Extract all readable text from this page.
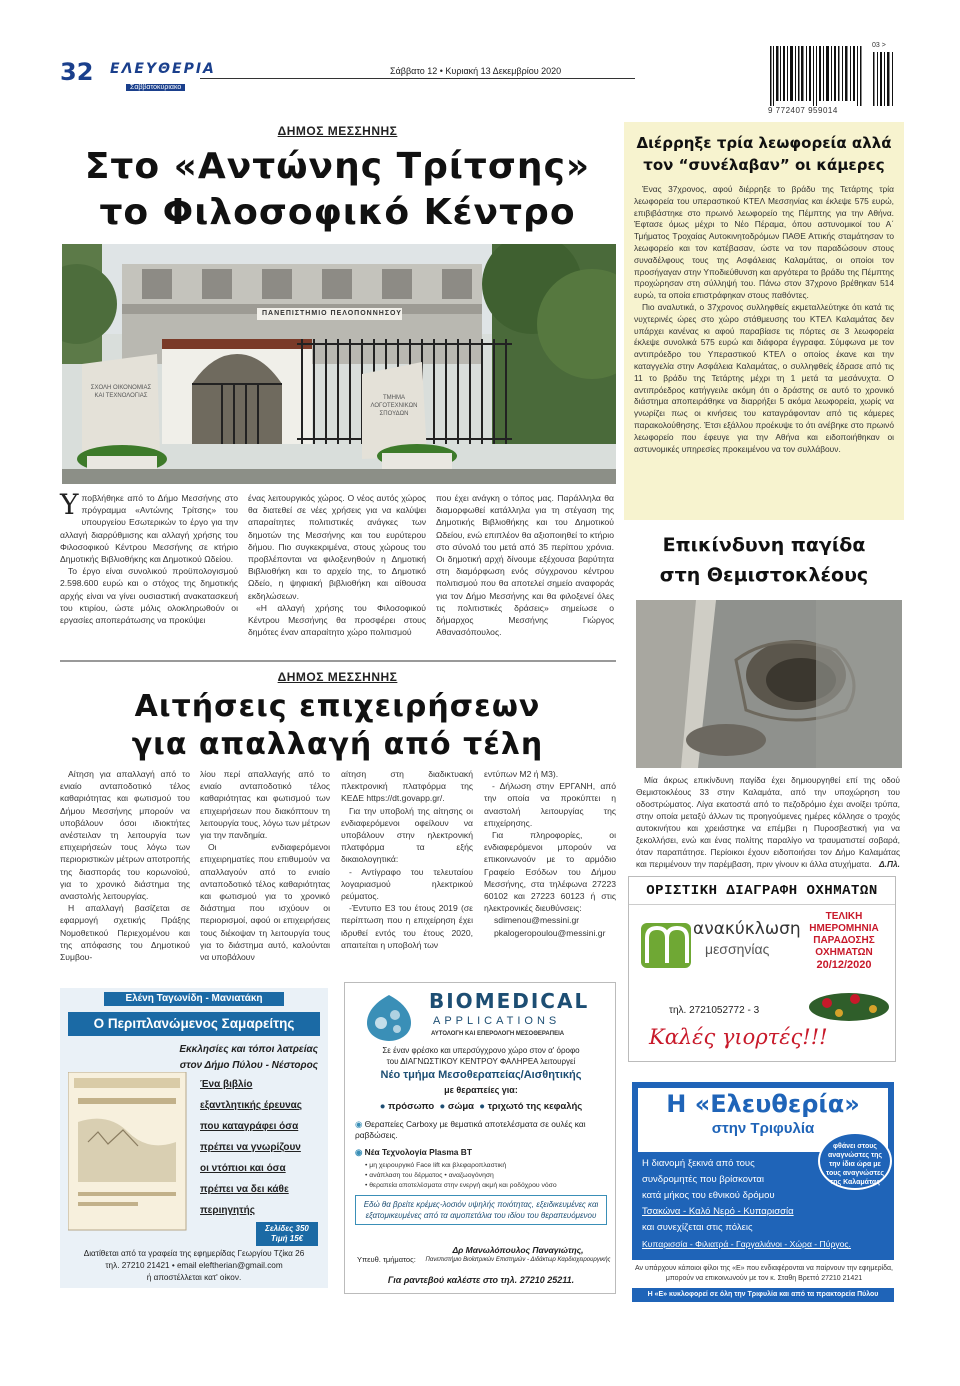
32 ΕΛΕΥΘΕΡΙΑ
Σαββατοκύριακο
Σάββατο 12 • Κυριακή 13 Δεκεμβρίου 2020
03 >
9 772407 959014
ΔΗΜΟΣ ΜΕΣΣΗΝΗΣ
Στο «Αντώνης Τρίτσης»
το Φιλοσοφικό Κέντρο
ΠΑΝΕΠΙΣΤΗΜΙΟ ΠΕΛΟΠΟΝΝΗΣΟΥ
ΣΧΟΛΗ ΟΙΚΟΝΟΜΙΑΣ ΚΑΙ ΤΕΧΝΟΛΟΓΙΑΣ	ΤΜΗΜΑ ΛΟΓΟΤΕΧΝΙΚΩΝ ΣΠΟΥΔΩΝ
Υ ποβλήθηκε από το Δήμο Μεσσήνης στο πρόγραμμα «Αντώνης Τρίτσης» του υπουργείου Εσωτερικών το έργο για την αλλαγή διαρρύθμισης και αλλαγή χρήσης του Φιλοσοφικού Κέντρου Μεσσήνης σε κτήριο Δημοτικής Βιβλιοθήκης και Δημοτικού Ωδείου.

Το έργο είναι συνολικού προϋπολογισμού 2.598.600 ευρώ και ο στόχος της δημοτικής αρχής είναι να γίνει ουσιαστική ανακατασκευή του κτιρίου, ώστε μόλις ολοκληρωθούν οι εργασίες αποπεράτωσης να προκύψει

ένας λειτουργικός χώρος. Ο νέος αυτός χώρος θα διατεθεί σε νέες χρήσεις για να καλύψει απαραίτητες πολιτιστικές ανάγκες των δημοτών της Μεσσήνης και του ευρύτερου δήμου. Πιο συγκεκριμένα, στους χώρους του προβλέπονται να φιλοξενηθούν η Δημοτική Βιβλιοθήκη και το αρχείο της, το Δημοτικό Ωδείο, η ψηφιακή βιβλιοθήκη και αίθουσα εκδηλώσεων.

«Η αλλαγή χρήσης του Φιλοσοφικού Κέντρου Μεσσήνης θα προσφέρει στους δημότες έναν απαραίτητο χώρο πολιτισμού

που έχει ανάγκη ο τόπος μας. Παράλληλα θα διαμορφωθεί κατάλληλα για τη στέγαση της Δημοτικής Βιβλιοθήκης και του Δημοτικού Ωδείου, ενώ επιπλέον θα αξιοποιηθεί το κτήριο στο σύνολό του μετά από 35 περίπου χρόνια. Οι δημοτική αρχή δίνουμε εξέχουσα βαρύτητα στη διαμόρφωση ενός σύγχρονου κέντρου πολιτισμού που θα αποτελεί σημείο αναφοράς για τον Δήμο Μεσσήνης και θα φιλοξενεί όλες τις πολιτιστικές δράσεις» σημείωσε ο δήμαρχος Μεσσήνης Γιώργος Αθανασόπουλος.
ΔΗΜΟΣ ΜΕΣΣΗΝΗΣ
Αιτήσεις επιχειρήσεων
για απαλλαγή από τέλη

Αίτηση για απαλλαγή από το ενιαίο ανταποδοτικό τέλος καθαριότητας και φωτισμού του Δήμου Μεσσήνης μπορούν να υποβάλουν όσοι ιδιοκτήτες ανέστειλαν τη λειτουργία των επιχειρήσεών τους λόγω των περιοριστικών μέτρων αποτροπής της διασποράς του κορωνοϊού, για το χρονικό διάστημα της αναστολής λειτουργίας.

Η απαλλαγή βασίζεται σε εφαρμογή σχετικής Πράξης Νομοθετικού Περιεχομένου και της απόφασης του Δημοτικού Συμβου-

λίου περί απαλλαγής από το ενιαίο ανταποδοτικό τέλος καθαριότητας και φωτισμού των επιχειρήσεων που διακόπτουν τη λειτουργία τους, λόγω των μέτρων για την πανδημία.

Οι ενδιαφερόμενοι επιχειρηματίες που επιθυμούν να απαλλαγούν από το ενιαίο ανταποδοτικό τέλος καθαριότητας και φωτισμού για το χρονικό διάστημα που ισχύουν οι περιορισμοί, αφού οι επιχειρήσεις τους διέκοψαν τη λειτουργία τους για το διάστημα αυτό, καλούνται να υποβάλουν

αίτηση στη διαδικτυακή πλεκτρονική πλατφόρμα της ΚΕΔΕ https://dt.govapp.gr/.

Για την υποβολή της αίτησης οι ενδιαφερόμενοι οφείλουν να υποβάλουν στην ηλεκτρονική πλατφόρμα τα εξής δικαιολογητικά:

- Αντίγραφο του τελευταίου λογαριασμού ηλεκτρικού ρεύματος.

-Έντυπο Ε3 του έτους 2019 (σε περίπτωση που η επιχείρηση έχει ιδρυθεί εντός του έτους 2020, απαιτείται η υποβολή των

εντύπων Μ2 ή Μ3).

- Δήλωση στην ΕΡΓΑΝΗ, από την οποία να προκύπτει η αναστολή λειτουργίας της επιχείρησης.

Για πληροφορίες, οι ενδιαφερόμενοι μπορούν να επικοινωνούν με το αρμόδιο Γραφείο Εσόδων του Δήμου Μεσσήνης, στα τηλέφωνα 27223 60102 και 27223 60123 ή στις ηλεκτρονικές διευθύνσεις:

sdimenou@messini.gr
pkalogeropoulou@messini.gr
Διέρρηξε τρία λεωφορεία αλλά
τον “συνέλαβαν” οι κάμερες

Ένας 37χρονος, αφού διέρρηξε το βράδυ της Τετάρτης τρία λεωφορεία του υπεραστικού ΚΤΕΛ Μεσσηνίας και έκλεψε 575 ευρώ, επιβιβάστηκε στο πρωινό λεωφορείο της Πέμπτης για την Αθήνα. Έφτασε όμως μέχρι το Νέο Πέραμα, όπου αστυνομικοί του Α΄ Τμήματος Τροχαίας Αυτοκινητοδρόμων ΠΑΘΕ Αττικής σταμάτησαν το λεωφορείο και τον κατέβασαν, ώστε να τον παραδώσουν στους συναδέλφους τους της Ασφάλειας Καλαμάτας, οι οποίοι τον προσήγαγαν στην Υποδιεύθυνση και αργότερα το βράδυ της Πέμπτης προχώρησαν στη σύλληψή του. Πάνω στον 37χρονο βρέθηκαν 514 ευρώ, τα οποία επιστράφηκαν στους παθόντες.

Πιο αναλυτικά, ο 37χρονος συλληφθείς εκμεταλλεύτηκε ότι κατά τις νυχτερινές ώρες στο χώρο στάθμευσης του ΚΤΕΛ Καλαμάτας δεν υπάρχει κανένας κι αφού παραβίασε τις πόρτες σε 3 λεωφορεία έκλεψε συνολικά 575 ευρώ και διάφορα έγγραφα. Σύμφωνα με τον αντιπρόεδρο του Υπεραστικού ΚΤΕΛ ο οποίος έκανε και την καταγγελία στην Ασφάλεια Καλαμάτας, ο συλληφθείς έδρασε από τις 11 το βράδυ της Τετάρτης μέχρι τη 1 μετά τα μεσάνυχτα. Ο αντιπρόεδρος κατήγγειλε ακόμη ότι ο δράστης σε αυτό το χρονικό διάστημα αποπειράθηκε να διαρρήξει 5 ακόμα λεωφορεία, χωρίς να γνωρίζει πως οι κινήσεις του καταγράφονταν από τις κάμερες παρακολούθησης. Έτσι εξάλλου προέκυψε το ότι ανέβηκε στο πρωινό λεωφορείο που έφευγε για την Αθήνα και ειδοποιήθηκαν οι αστυνομικές υπηρεσίες προκειμένου να τον συλλάβουν.

Επικίνδυνη παγίδα
στη Θεμιστοκλέους

Μία άκρως επικίνδυνη παγίδα έχει δημιουργηθεί επί της οδού Θεμιστοκλέους 33 στην Καλαμάτα, από την υποχώρηση του οδοστρώματος. Λίγα εκατοστά από το πεζοδρόμιο έχει ανοίξει τρύπα, στην οποία μεταξύ άλλων τις προηγούμενες ημέρες κόλλησε ο τροχός αυτοκινήτου και χρειάστηκε να επέμβει η Πυροσβεστική για να ξεκολλήσει, ενώ και ένας πολίτης παραλίγο να τραυματιστεί σοβαρά, όταν παραπάτησε. Περίοικοι έχουν ειδοποιήσει τον Δήμο Καλαμάτας και περιμένουν την παρέμβαση, πριν γίνουν κι άλλα ατυχήματα. Δ.Πλ.
ΟΡΙΣΤΙΚΗ ΔΙΑΓΡΑΦΗ ΟΧΗΜΑΤΩΝ
ανακύκλωση
μεσσηνίας
τηλ. 2721052772 - 3
ΤΕΛΙΚΗ
ΗΜΕΡΟΜΗΝΙΑ
ΠΑΡΑΔΟΣΗΣ
ΟΧΗΜΑΤΩΝ
20/12/2020
Καλές γιορτές!!!
Ελένη Ταγωνίδη - Μανιατάκη
Ο Περιπλανώμενος Σαμαρείτης
Εκκλησίες και τόποι λατρείας
στον Δήμο Πύλου - Νέστορος
Ένα βιβλίο
εξαντλητικής έρευνας
που καταγράφει όσα
πρέπει να γνωρίζουν
οι ντόπιοι και όσα
πρέπει να δει κάθε
περιηγητής
Σελίδες 350
Τιμή 15€
Διατίθεται από τα γραφεία της εφημερίδας Γεωργίου Τζίκα 26
τηλ. 27210 21421 • email eleftherian@gmail.com
ή αποστέλλεται κατ' οίκον.
BIOMEDICAL
APPLICATIONS
ΑΥΤΟΛΟΓΗ ΚΑΙ ΕΠΕΡΟΛΟΓΗ ΜΕΣΟΘΕΡΑΠΕΙΑ
Σε έναν φρέσκο και υπερσύγχρονο χώρο στον α' όροφο
του ΔΙΑΓΝΩΣΤΙΚΟΥ ΚΕΝΤΡΟΥ ΦΑΛΗΡΕΑ λειτουργεί
Νέο τμήμα Μεσοθεραπείας/Αισθητικής
με θεραπείες για:
● πρόσωπο ● σώμα ● τριχωτό της κεφαλής
◉ Θεραπείες Carboxy με θεματικά αποτελέσματα σε ουλές και ραβδώσεις.
◉ Νέα Τεχνολογία Plasma BT
• μη χειρουργικό Face lift και βλεφαροπλαστική
• ανάπλαση του δέρματος • αναζωογόνηση
• θεραπεία αποτελέσματα στην ενεργή ακμή και ροδόχρου νόσο
Εδώ θα βρείτε κρέμες-λοσιόν υψηλής ποιότητας, εξειδικευμένες και εξατομικευμένες από τα αιμοπετάλια του ιδίου του θεραπευόμενου
Υπευθ. τμήματος:
Δρ Μανωλόπουλος Παναγιώτης,
Πανεπιστήμιο Βιοϊατρικών Επιστημών - Διδάκτωρ Καρδιοχειρουργικής
Για ραντεβού καλέστε στο τηλ. 27210 25211.
Η «Ελευθερία»
στην Τριφυλία
φθάνει στους αναγνώστες της την ίδια ώρα με τους αναγνώστες της Καλαμάτας
Η διανομή ξεκινά από τους
συνδρομητές που βρίσκονται
κατά μήκος του εθνικού δρόμου
Τσακώνα - Καλό Νερό - Κυπαρισσία
και συνεχίζεται στις πόλεις
Κυπαρισσία - Φιλιατρά - Γαργαλιάνοι - Χώρα - Πύργος.
Αν υπάρχουν κάποιοι φίλοι της «Ε» που ενδιαφέρονται να παίρνουν την εφημερίδα,
μπορούν να επικοινωνούν με τον κ. Σταθη Βρεττό 27210 21421
Η «Ε» κυκλοφορεί σε όλη την Τριφυλία και από τα πρακτορεία Πύλου
